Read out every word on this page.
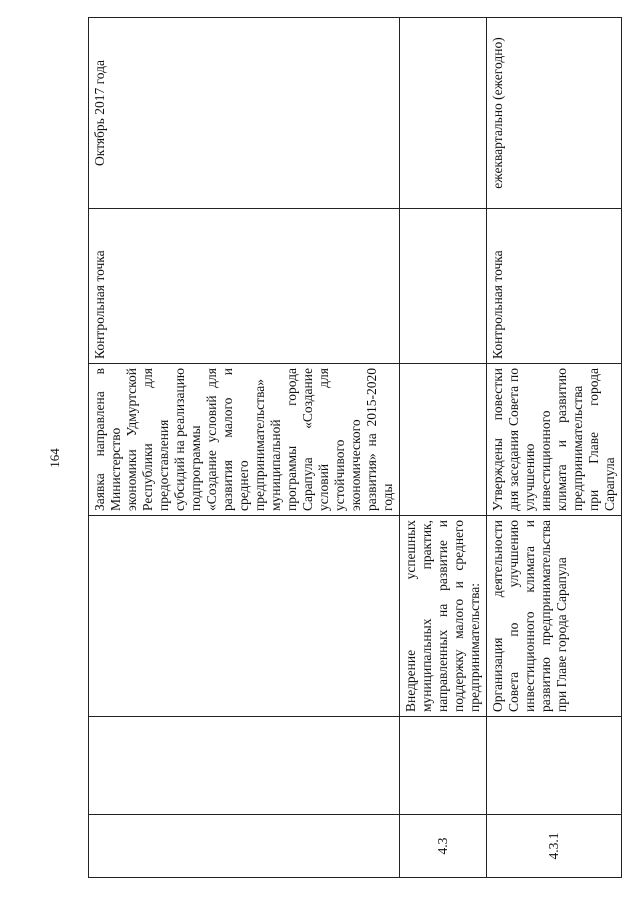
164
			Заявка направлена в Министерство экономики Удмуртской Республики для предоставления субсидий на реализацию подпрограммы «Создание условий для развития малого и среднего предпринимательства» муниципальной программы города Сарапула «Создание условий для устойчивого экономического развития» на 2015-2020 годы	Контрольная точка	Октябрь 2017 года
4.3		Внедрение успешных муниципальных практик, направленных на развитие и поддержку малого и среднего предпринимательства:			
4.3.1		Организация деятельности Совета по улучшению инвестиционного климата и развитию предпринимательства при Главе города Сарапула	Утверждены повестки дня заседания Совета по улучшению инвестиционного климата и развитию предпринимательства при Главе города Сарапула	Контрольная точка	ежеквартально (ежегодно)
